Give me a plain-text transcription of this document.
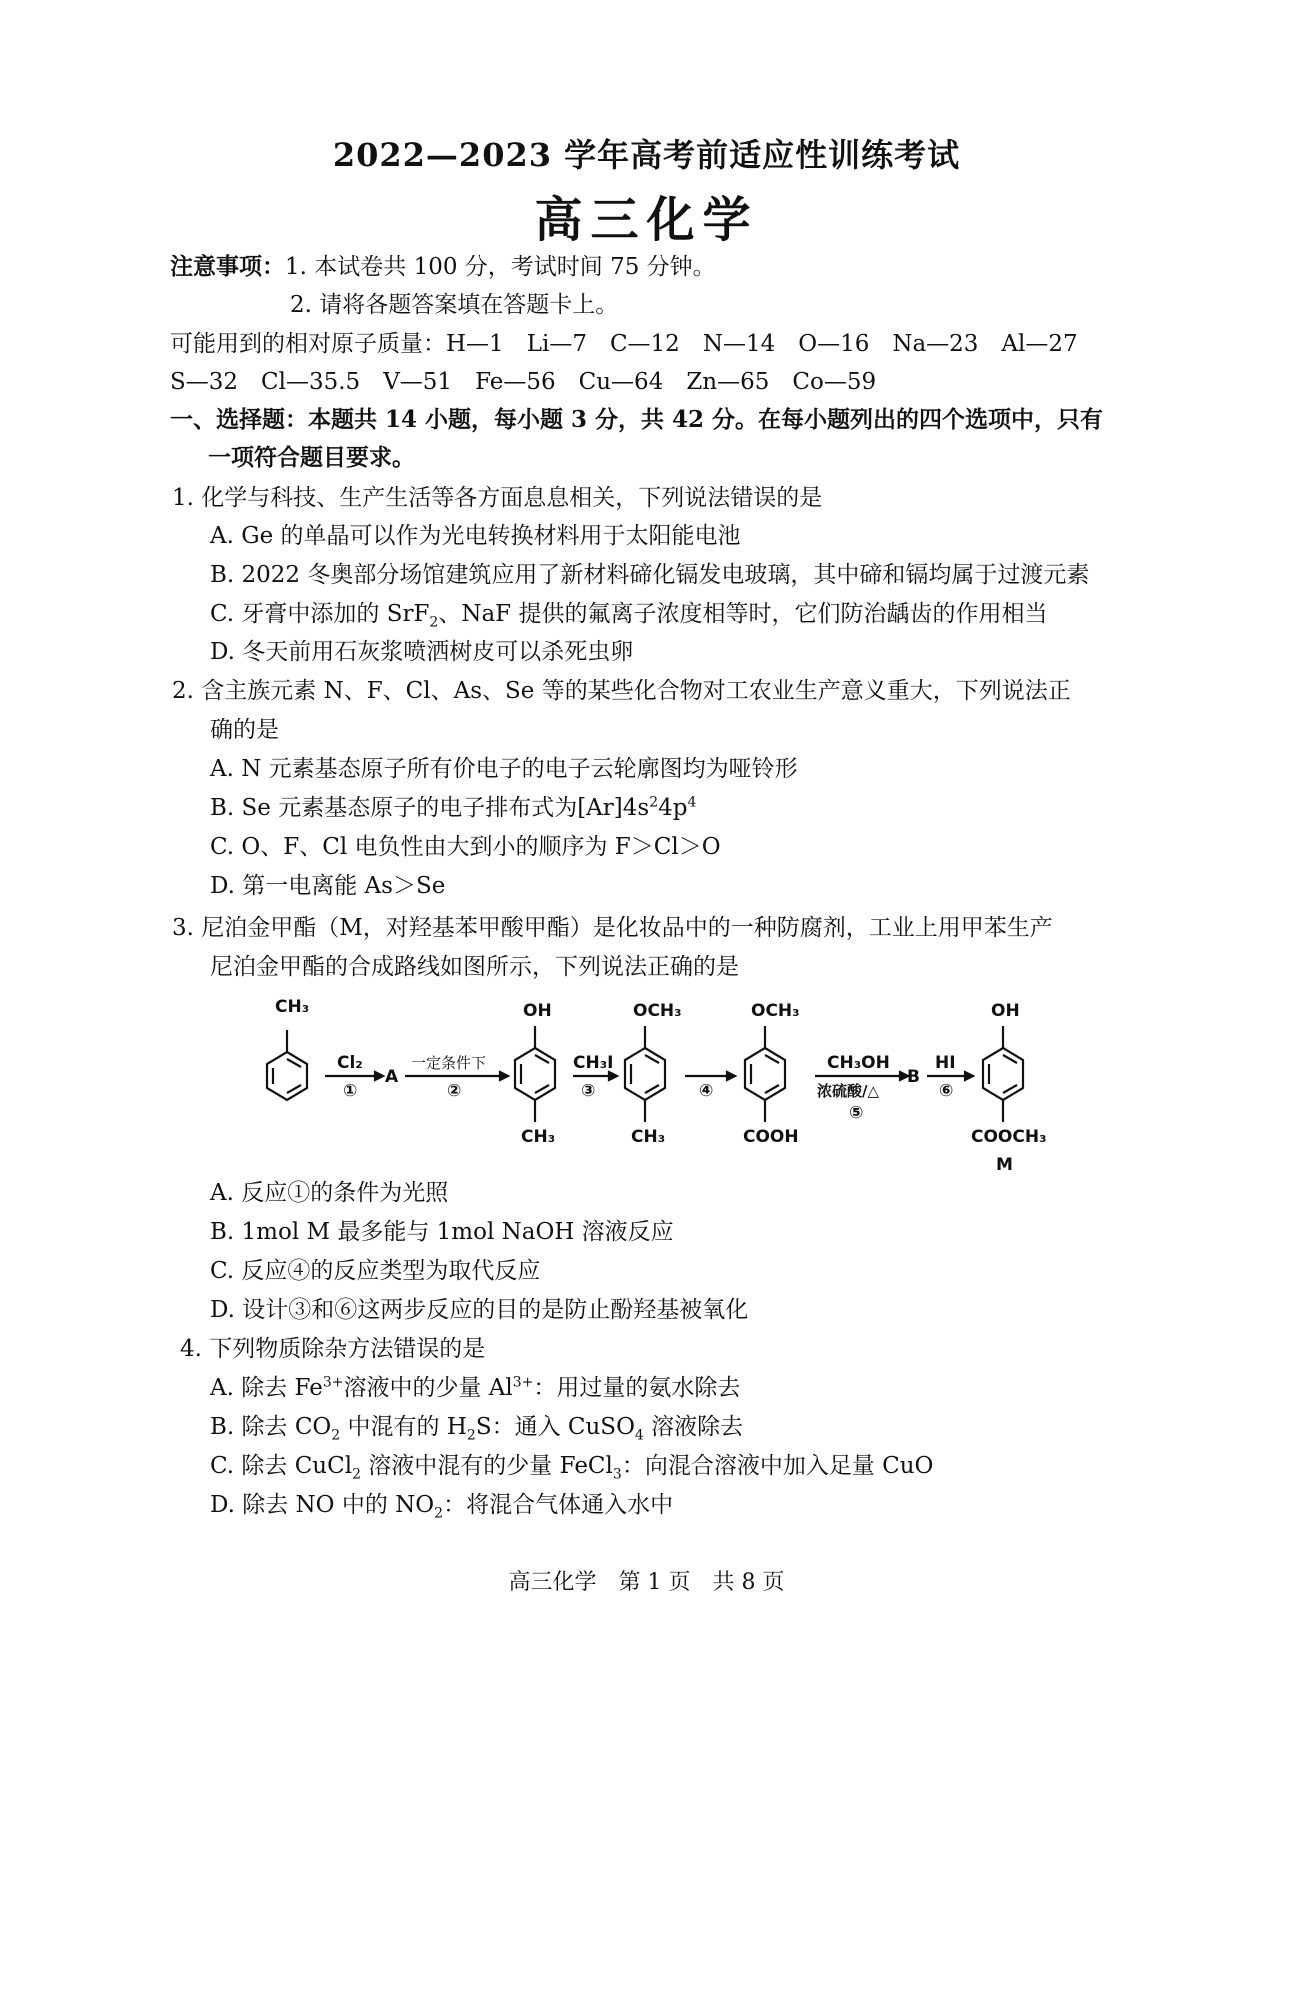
2022—2023 学年高考前适应性训练考试
高三化学
注意事项：1. 本试卷共 100 分，考试时间 75 分钟。
2. 请将各题答案填在答题卡上。
可能用到的相对原子质量：H—1　Li—7　C—12　N—14　O—16　Na—23　Al—27
S—32　Cl—35.5　V—51　Fe—56　Cu—64　Zn—65　Co—59
一、选择题：本题共 14 小题，每小题 3 分，共 42 分。在每小题列出的四个选项中，只有
一项符合题目要求。
1. 化学与科技、生产生活等各方面息息相关，下列说法错误的是
A. Ge 的单晶可以作为光电转换材料用于太阳能电池
B. 2022 冬奥部分场馆建筑应用了新材料碲化镉发电玻璃，其中碲和镉均属于过渡元素
C. 牙膏中添加的 SrF$_2$、NaF 提供的氟离子浓度相等时，它们防治龋齿的作用相当
D. 冬天前用石灰浆喷洒树皮可以杀死虫卵
2. 含主族元素 N、F、Cl、As、Se 等的某些化合物对工农业生产意义重大，下列说法正
确的是
A. N 元素基态原子所有价电子的电子云轮廓图均为哑铃形
B. Se 元素基态原子的电子排布式为$[Ar]4s^24p^4$
C. O、F、Cl 电负性由大到小的顺序为 F＞Cl＞O
D. 第一电离能 As＞Se
3. 尼泊金甲酯（M，对羟基苯甲酸甲酯）是化妆品中的一种防腐剂，工业上用甲苯生产
尼泊金甲酯的合成路线如图所示，下列说法正确的是
CH₃
Cl₂
①
A
一定条件下
②
OH
CH₃
CH₃I
③
OCH₃
CH₃
④
OCH₃
COOH
CH₃OH
浓硫酸/△
⑤
B
HI
⑥
OH
COOCH₃
M
A. 反应①的条件为光照
B. 1mol M 最多能与 1mol NaOH 溶液反应
C. 反应④的反应类型为取代反应
D. 设计③和⑥这两步反应的目的是防止酚羟基被氧化
4. 下列物质除杂方法错误的是
A. 除去 $Fe^{3+}$溶液中的少量 $Al^{3+}$：用过量的氨水除去
B. 除去 $CO_2$ 中混有的 $H_2S$：通入 CuSO$_4$ 溶液除去
C. 除去 CuCl$_2$ 溶液中混有的少量 FeCl$_3$：向混合溶液中加入足量 CuO
D. 除去 NO 中的 $NO_2$：将混合气体通入水中
高三化学　第 1 页　共 8 页
